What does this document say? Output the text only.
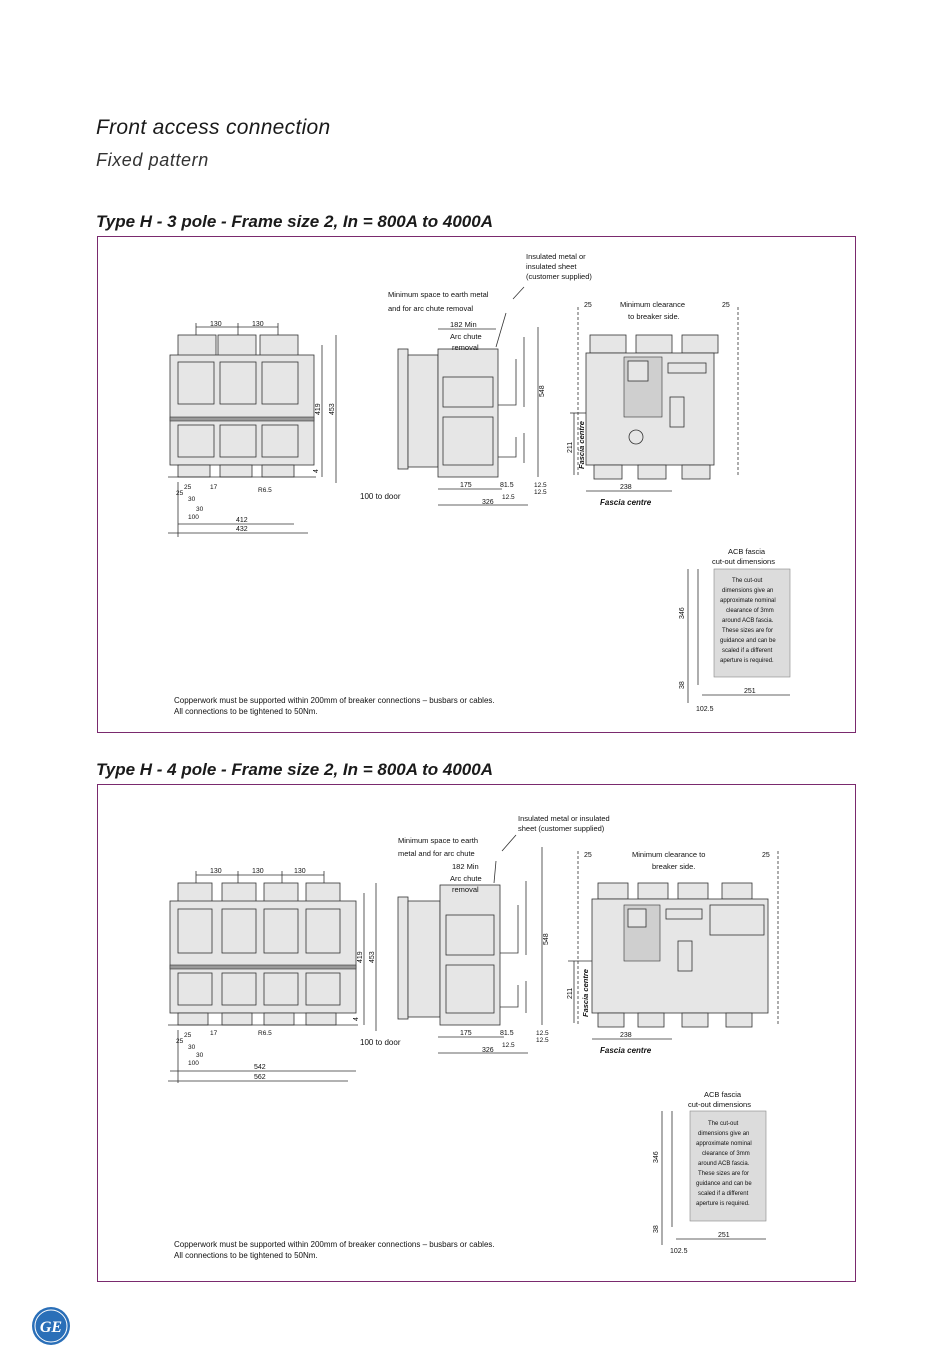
Front access connection
Fixed pattern
Type H - 3 pole - Frame size 2, In = 800A to 4000A
130	130
419 453
4
25
25
30
30
100
17	R6.5
412
432
548
Insulated metal or
insulated sheet
(customer supplied)
Minimum space to earth metal
and for arc chute removal
182 Min
Arc chute
removal
175	81.5	12.5
12.5
12.5
326
100 to door
25	25
Minimum clearance
to breaker side.
211 Fascia centre
238
Fascia centre
ACB fascia
cut-out dimensions
The cut-out
dimensions give an
approximate nominal
clearance of 3mm
around ACB fascia.
These sizes are for
guidance and can be
scaled if a different
aperture is required.
346
38
251
102.5
Copperwork must be supported within 200mm of breaker connections – busbars or cables.
All connections to be tightened to 50Nm.
Type H - 4 pole - Frame size 2, In = 800A to 4000A
130	130	130
419 453
4
25
25
30
30
100
17	R6.5
542
562
548
Insulated metal or insulated
sheet (customer supplied)
Minimum space to earth
metal and for arc chute
182 Min
Arc chute
removal
175	81.5	12.5
12.5
12.5
326
100 to door
25	25
Minimum clearance to
breaker side.
211 Fascia centre
238
Fascia centre
ACB fascia
cut-out dimensions
The cut-out
dimensions give an
approximate nominal
clearance of 3mm
around ACB fascia.
These sizes are for
guidance and can be
scaled if a different
aperture is required.
346
38
251
102.5
Copperwork must be supported within 200mm of breaker connections – busbars or cables.
All connections to be tightened to 50Nm.
GE
